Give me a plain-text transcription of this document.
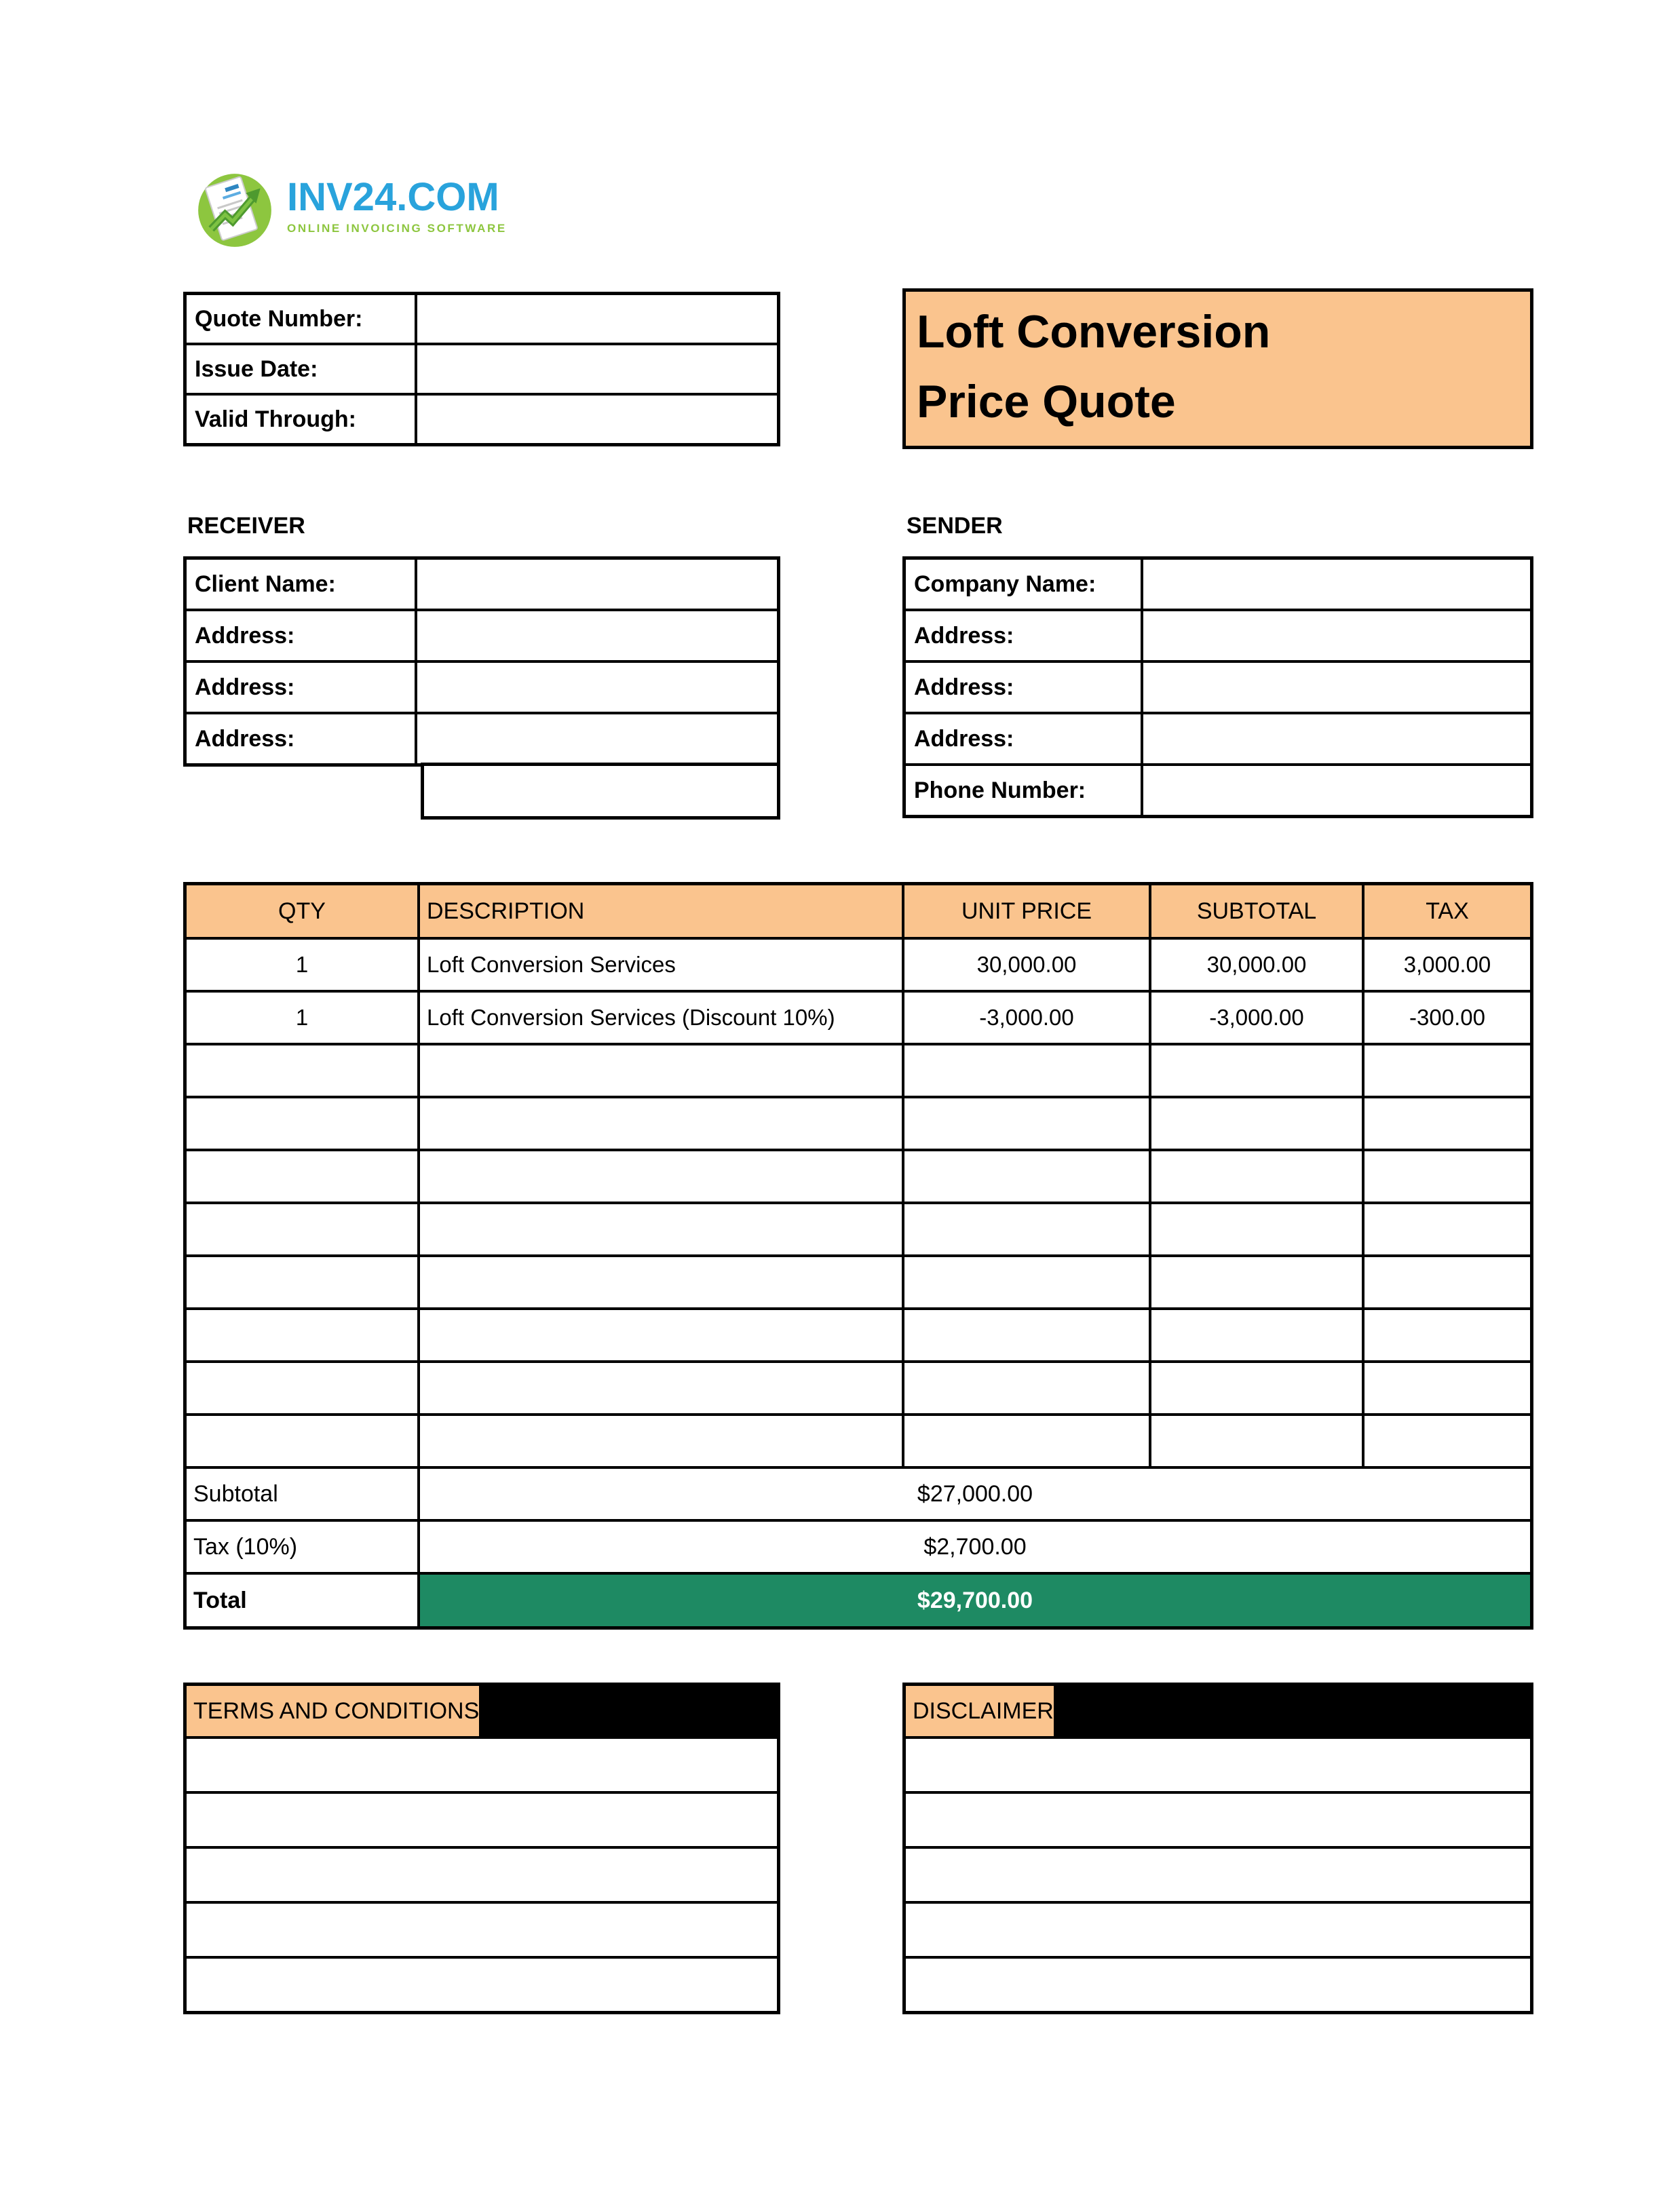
INV24.COM
ONLINE INVOICING SOFTWARE
Quote Number:
Issue Date:
Valid Through:
Loft Conversion
Price Quote
RECEIVER
Client Name:
Address:
Address:
Address:
SENDER
Company Name:
Address:
Address:
Address:
Phone Number:
QTY	DESCRIPTION	UNIT PRICE	SUBTOTAL	TAX
1	Loft Conversion Services	30,000.00	30,000.00	3,000.00
1	Loft Conversion Services (Discount 10%)	-3,000.00	-3,000.00	-300.00
Subtotal	$27,000.00
Tax (10%)	$2,700.00
Total	$29,700.00
TERMS AND CONDITIONS	DISCLAIMER
